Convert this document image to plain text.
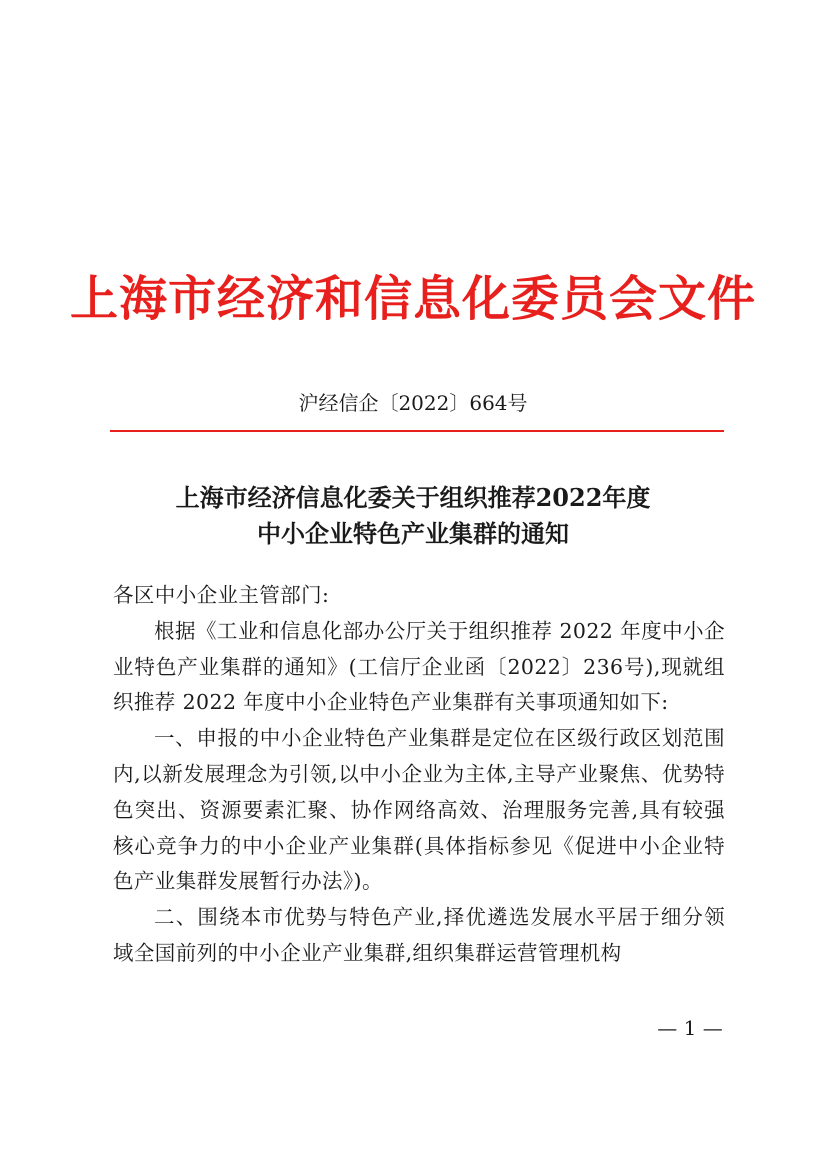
上海市经济和信息化委员会文件
沪经信企〔2022〕664号
上海市经济信息化委关于组织推荐2022年度
中小企业特色产业集群的通知

各区中小企业主管部门:

根据《工业和信息化部办公厅关于组织推荐 2022 年度中小企业特色产业集群的通知》(工信厅企业函〔2022〕236号),现就组织推荐 2022 年度中小企业特色产业集群有关事项通知如下:

一、申报的中小企业特色产业集群是定位在区级行政区划范围内,以新发展理念为引领,以中小企业为主体,主导产业聚焦、优势特色突出、资源要素汇聚、协作网络高效、治理服务完善,具有较强核心竞争力的中小企业产业集群(具体指标参见《促进中小企业特色产业集群发展暂行办法》)。

二、围绕本市优势与特色产业,择优遴选发展水平居于细分领域全国前列的中小企业产业集群,组织集群运营管理机构

— 1 —
